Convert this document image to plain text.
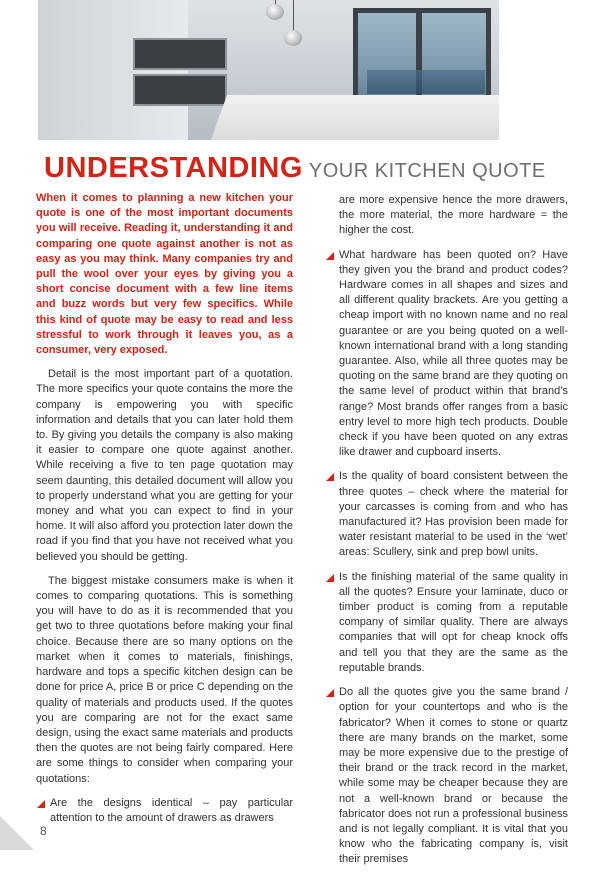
UNDERSTANDING YOUR KITCHEN QUOTE

When it comes to planning a new kitchen your quote is one of the most important documents you will receive. Reading it, understanding it and comparing one quote against another is not as easy as you may think. Many companies try and pull the wool over your eyes by giving you a short concise document with a few line items and buzz words but very few specifics. While this kind of quote may be easy to read and less stressful to work through it leaves you, as a consumer, very exposed.

Detail is the most important part of a quotation. The more specifics your quote contains the more the company is empowering you with specific information and details that you can later hold them to. By giving you details the company is also making it easier to compare one quote against another. While receiving a five to ten page quotation may seem daunting, this detailed document will allow you to properly understand what you are getting for your money and what you can expect to find in your home. It will also afford you protection later down the road if you find that you have not received what you believed you should be getting.

The biggest mistake consumers make is when it comes to comparing quotations. This is something you will have to do as it is recommended that you get two to three quotations before making your final choice. Because there are so many options on the market when it comes to materials, finishings, hardware and tops a specific kitchen design can be done for price A, price B or price C depending on the quality of materials and products used. If the quotes you are comparing are not for the exact same design, using the exact same materials and products then the quotes are not being fairly compared. Here are some things to consider when comparing your quotations:

Are the designs identical – pay particular attention to the amount of drawers as drawers
are more expensive hence the more drawers, the more material, the more hardware = the higher the cost.
What hardware has been quoted on? Have they given you the brand and product codes? Hardware comes in all shapes and sizes and all different quality brackets. Are you getting a cheap import with no known name and no real guarantee or are you being quoted on a well-known international brand with a long standing guarantee. Also, while all three quotes may be quoting on the same brand are they quoting on the same level of product within that brand’s range? Most brands offer ranges from a basic entry level to more high tech products. Double check if you have been quoted on any extras like drawer and cupboard inserts.
Is the quality of board consistent between the three quotes – check where the material for your carcasses is coming from and who has manufactured it? Has provision been made for water resistant material to be used in the ‘wet’ areas: Scullery, sink and prep bowl units.
Is the finishing material of the same quality in all the quotes? Ensure your laminate, duco or timber product is coming from a reputable company of similar quality. There are always companies that will opt for cheap knock offs and tell you that they are the same as the reputable brands.
Do all the quotes give you the same brand / option for your countertops and who is the fabricator? When it comes to stone or quartz there are many brands on the market, some may be more expensive due to the prestige of their brand or the track record in the market, while some may be cheaper because they are not a well-known brand or because the fabricator does not run a professional business and is not legally compliant. It is vital that you know who the fabricating company is, visit their premises
8
